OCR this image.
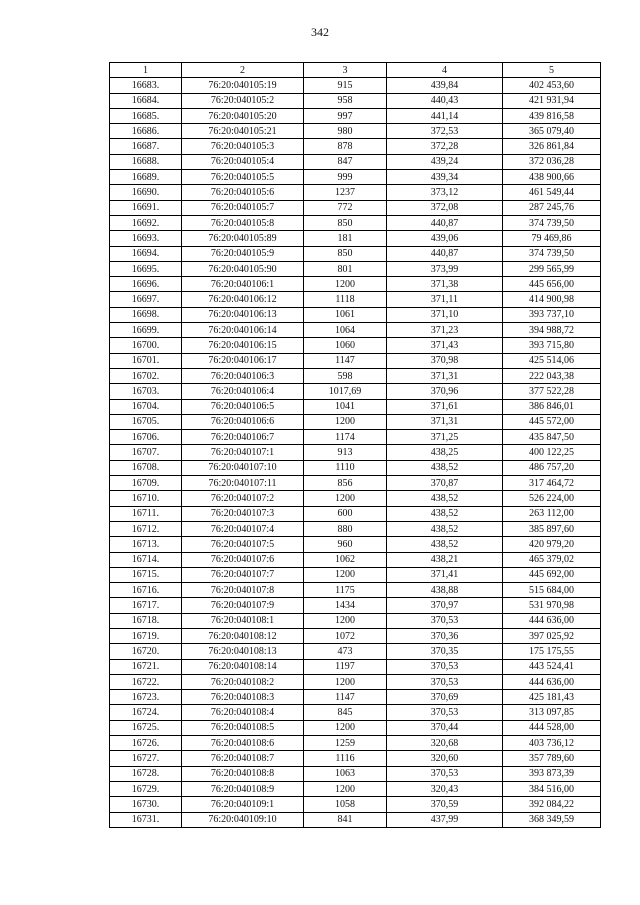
342
1	2	3	4	5
16683.	76:20:040105:19	915	439,84	402 453,60
16684.	76:20:040105:2	958	440,43	421 931,94
16685.	76:20:040105:20	997	441,14	439 816,58
16686.	76:20:040105:21	980	372,53	365 079,40
16687.	76:20:040105:3	878	372,28	326 861,84
16688.	76:20:040105:4	847	439,24	372 036,28
16689.	76:20:040105:5	999	439,34	438 900,66
16690.	76:20:040105:6	1237	373,12	461 549,44
16691.	76:20:040105:7	772	372,08	287 245,76
16692.	76:20:040105:8	850	440,87	374 739,50
16693.	76:20:040105:89	181	439,06	79 469,86
16694.	76:20:040105:9	850	440,87	374 739,50
16695.	76:20:040105:90	801	373,99	299 565,99
16696.	76:20:040106:1	1200	371,38	445 656,00
16697.	76:20:040106:12	1118	371,11	414 900,98
16698.	76:20:040106:13	1061	371,10	393 737,10
16699.	76:20:040106:14	1064	371,23	394 988,72
16700.	76:20:040106:15	1060	371,43	393 715,80
16701.	76:20:040106:17	1147	370,98	425 514,06
16702.	76:20:040106:3	598	371,31	222 043,38
16703.	76:20:040106:4	1017,69	370,96	377 522,28
16704.	76:20:040106:5	1041	371,61	386 846,01
16705.	76:20:040106:6	1200	371,31	445 572,00
16706.	76:20:040106:7	1174	371,25	435 847,50
16707.	76:20:040107:1	913	438,25	400 122,25
16708.	76:20:040107:10	1110	438,52	486 757,20
16709.	76:20:040107:11	856	370,87	317 464,72
16710.	76:20:040107:2	1200	438,52	526 224,00
16711.	76:20:040107:3	600	438,52	263 112,00
16712.	76:20:040107:4	880	438,52	385 897,60
16713.	76:20:040107:5	960	438,52	420 979,20
16714.	76:20:040107:6	1062	438,21	465 379,02
16715.	76:20:040107:7	1200	371,41	445 692,00
16716.	76:20:040107:8	1175	438,88	515 684,00
16717.	76:20:040107:9	1434	370,97	531 970,98
16718.	76:20:040108:1	1200	370,53	444 636,00
16719.	76:20:040108:12	1072	370,36	397 025,92
16720.	76:20:040108:13	473	370,35	175 175,55
16721.	76:20:040108:14	1197	370,53	443 524,41
16722.	76:20:040108:2	1200	370,53	444 636,00
16723.	76:20:040108:3	1147	370,69	425 181,43
16724.	76:20:040108:4	845	370,53	313 097,85
16725.	76:20:040108:5	1200	370,44	444 528,00
16726.	76:20:040108:6	1259	320,68	403 736,12
16727.	76:20:040108:7	1116	320,60	357 789,60
16728.	76:20:040108:8	1063	370,53	393 873,39
16729.	76:20:040108:9	1200	320,43	384 516,00
16730.	76:20:040109:1	1058	370,59	392 084,22
16731.	76:20:040109:10	841	437,99	368 349,59
